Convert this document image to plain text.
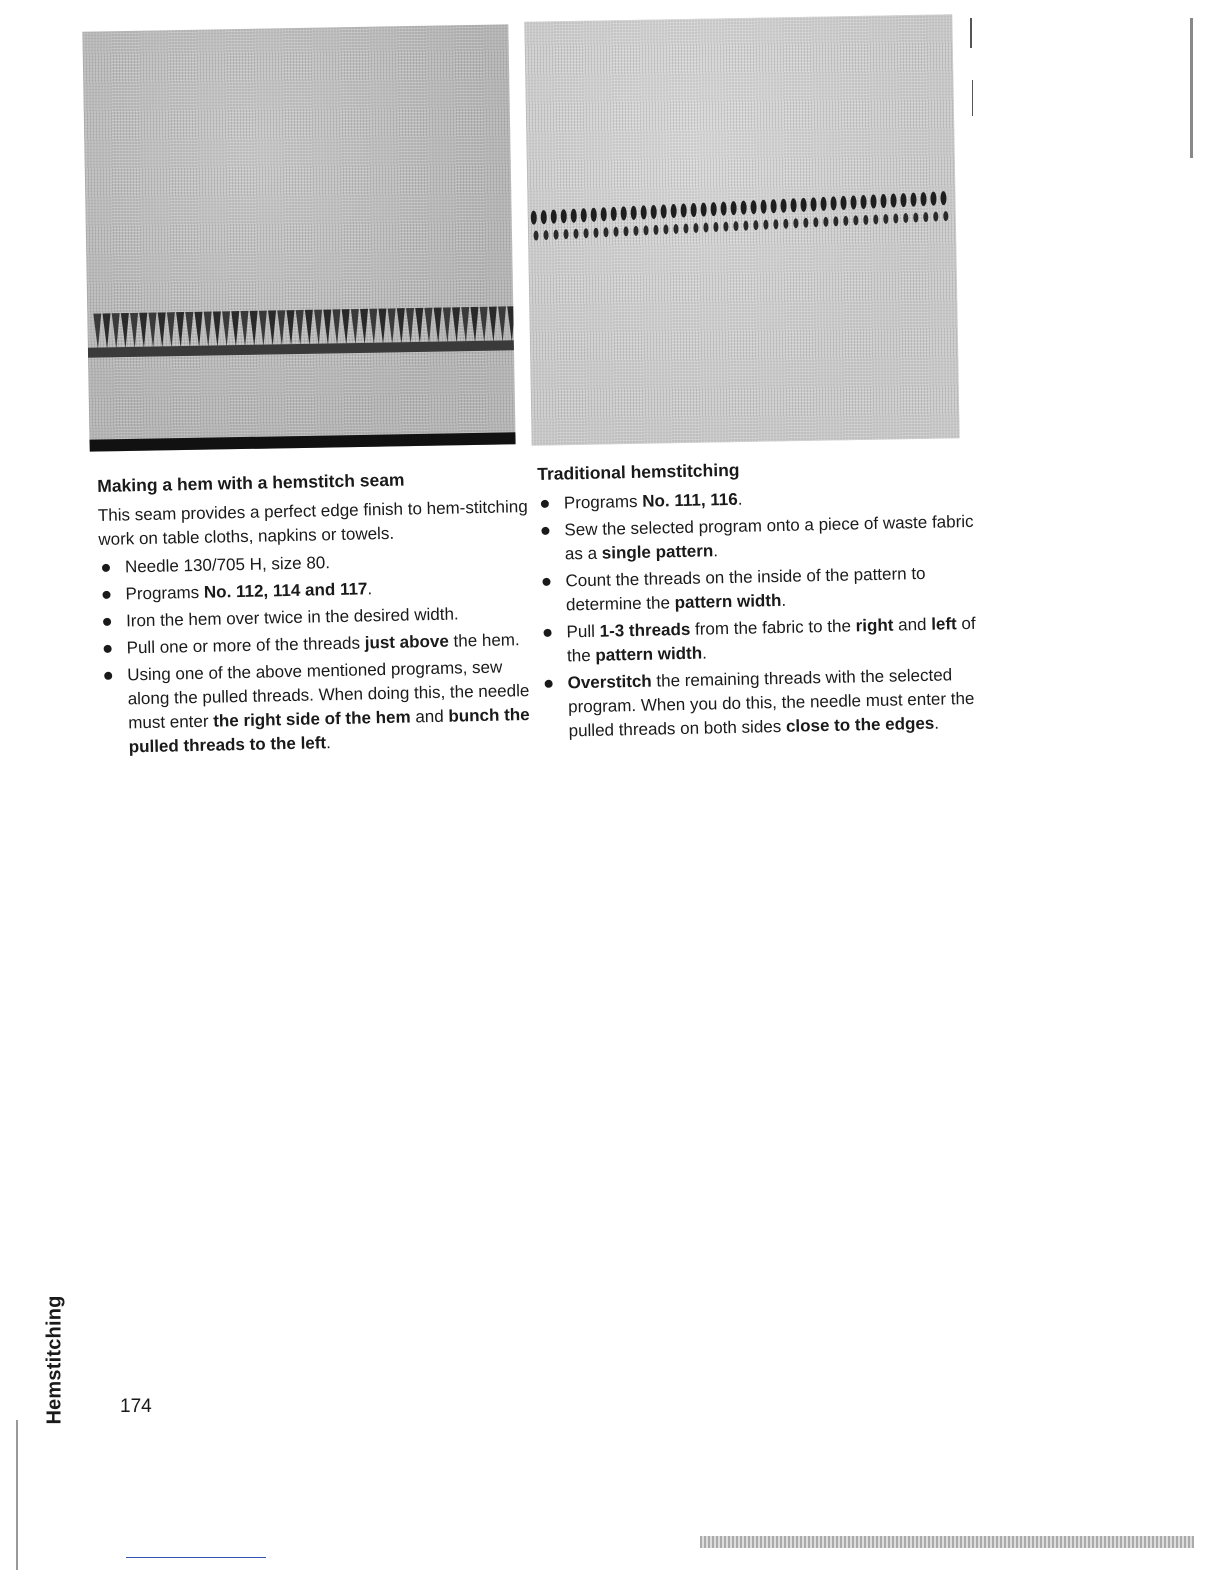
Making a hem with a hemstitch seam

This seam provides a perfect edge finish to hem-stitching work on table cloths, napkins or towels.

Needle 130/705 H, size 80.
Programs No. 112, 114 and 117.
Iron the hem over twice in the desired width.
Pull one or more of the threads just above the hem.
Using one of the above mentioned programs, sew along the pulled threads. When doing this, the needle must enter the right side of the hem and bunch the pulled threads to the left.
Traditional hemstitching
Programs No. 111, 116.
Sew the selected program onto a piece of waste fabric as a single pattern.
Count the threads on the inside of the pattern to determine the pattern width.
Pull 1-3 threads from the fabric to the right and left of the pattern width.
Overstitch the remaining threads with the selected program. When you do this, the needle must enter the pulled threads on both sides close to the edges.
Hemstitching	174
